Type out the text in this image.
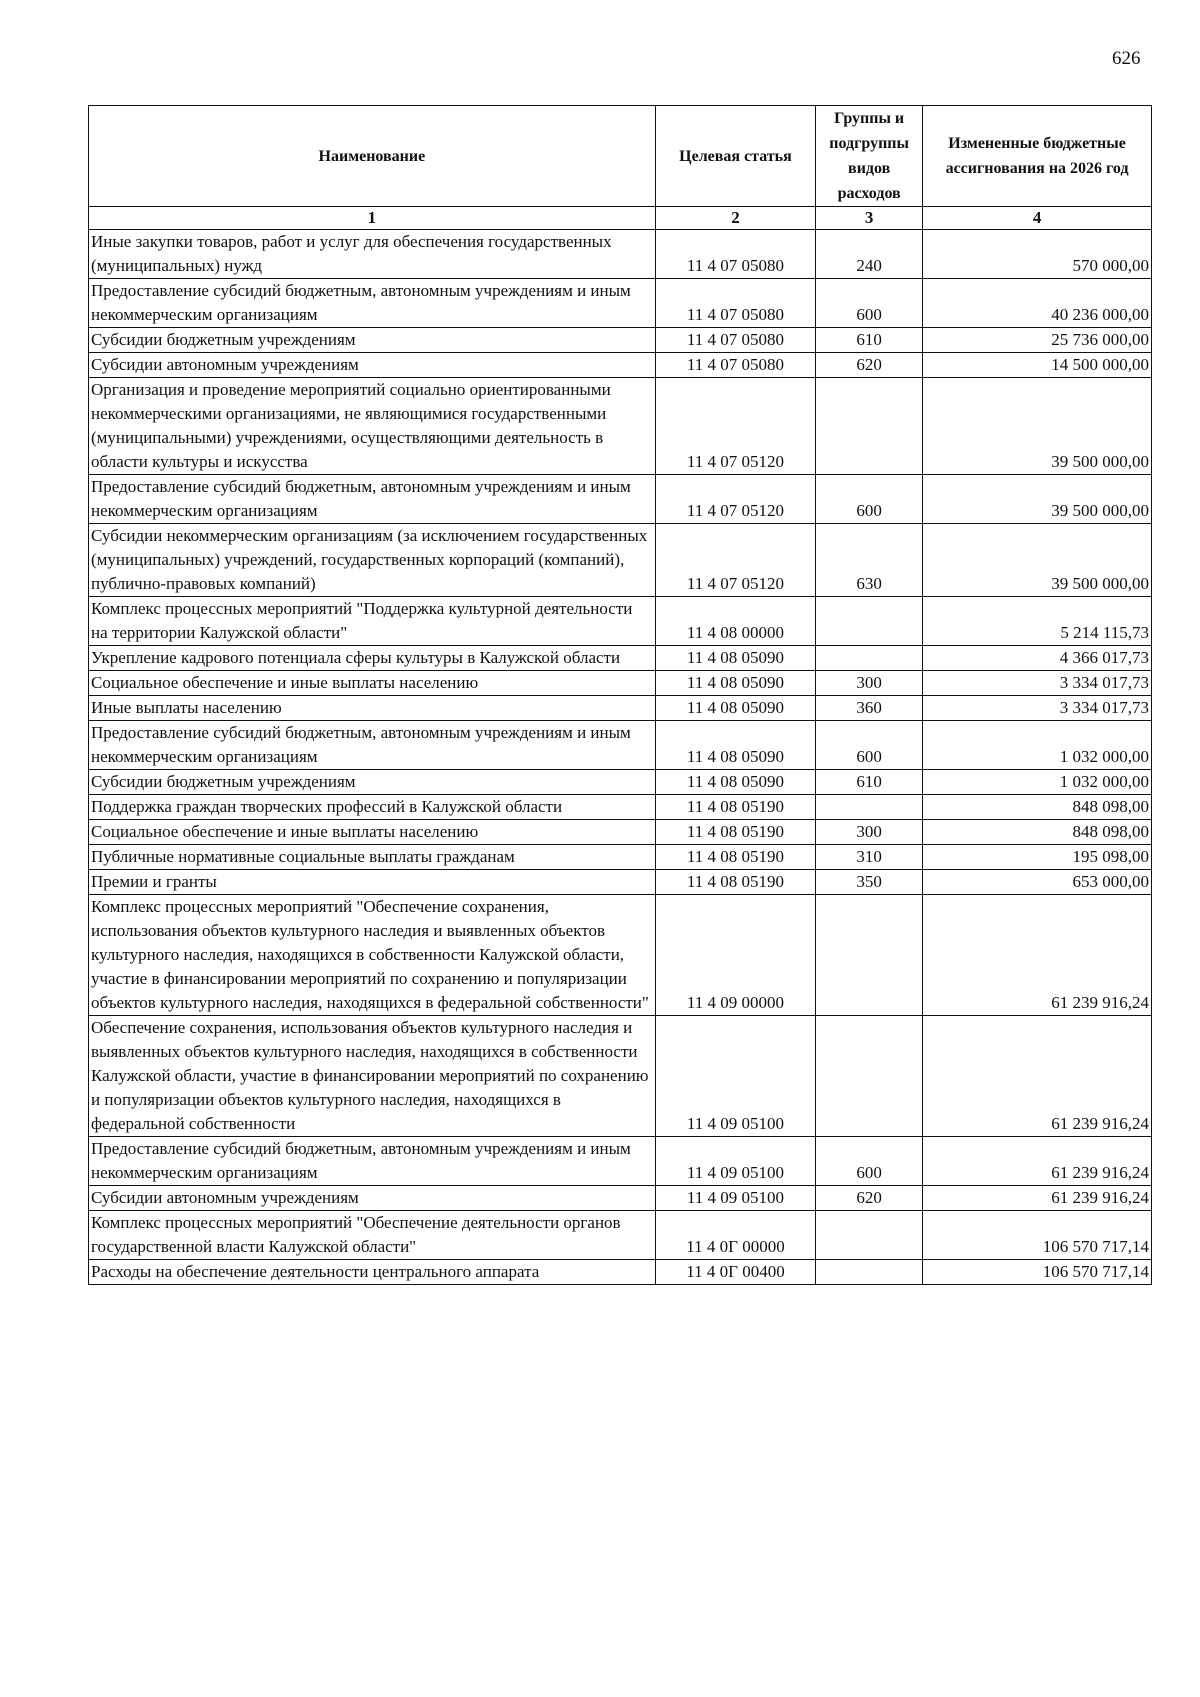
626
Наименование	Целевая статья	Группы и подгруппы видов расходов	Измененные бюджетные ассигнования на 2026 год
1	2	3	4
Иные закупки товаров, работ и услуг для обеспечения государственных (муниципальных) нужд	11 4 07 05080	240	570 000,00
Предоставление субсидий бюджетным, автономным учреждениям и иным некоммерческим организациям	11 4 07 05080	600	40 236 000,00
Субсидии бюджетным учреждениям	11 4 07 05080	610	25 736 000,00
Субсидии автономным учреждениям	11 4 07 05080	620	14 500 000,00
Организация и проведение мероприятий социально ориентированными некоммерческими организациями, не являющимися государственными (муниципальными) учреждениями, осуществляющими деятельность в области культуры и искусства	11 4 07 05120		39 500 000,00
Предоставление субсидий бюджетным, автономным учреждениям и иным некоммерческим организациям	11 4 07 05120	600	39 500 000,00
Субсидии некоммерческим организациям (за исключением государственных (муниципальных) учреждений, государственных корпораций (компаний), публично-правовых компаний)	11 4 07 05120	630	39 500 000,00
Комплекс процессных мероприятий "Поддержка культурной деятельности на территории Калужской области"	11 4 08 00000		5 214 115,73
Укрепление кадрового потенциала сферы культуры в Калужской области	11 4 08 05090		4 366 017,73
Социальное обеспечение и иные выплаты населению	11 4 08 05090	300	3 334 017,73
Иные выплаты населению	11 4 08 05090	360	3 334 017,73
Предоставление субсидий бюджетным, автономным учреждениям и иным некоммерческим организациям	11 4 08 05090	600	1 032 000,00
Субсидии бюджетным учреждениям	11 4 08 05090	610	1 032 000,00
Поддержка граждан творческих профессий в Калужской области	11 4 08 05190		848 098,00
Социальное обеспечение и иные выплаты населению	11 4 08 05190	300	848 098,00
Публичные нормативные социальные выплаты гражданам	11 4 08 05190	310	195 098,00
Премии и гранты	11 4 08 05190	350	653 000,00
Комплекс процессных мероприятий "Обеспечение сохранения, использования объектов культурного наследия и выявленных объектов культурного наследия, находящихся в собственности Калужской области, участие в финансировании мероприятий по сохранению и популяризации объектов культурного наследия, находящихся в федеральной собственности"	11 4 09 00000		61 239 916,24
Обеспечение сохранения, использования объектов культурного наследия и выявленных объектов культурного наследия, находящихся в собственности Калужской области, участие в финансировании мероприятий по сохранению и популяризации объектов культурного наследия, находящихся в федеральной собственности	11 4 09 05100		61 239 916,24
Предоставление субсидий бюджетным, автономным учреждениям и иным некоммерческим организациям	11 4 09 05100	600	61 239 916,24
Субсидии автономным учреждениям	11 4 09 05100	620	61 239 916,24
Комплекс процессных мероприятий "Обеспечение деятельности органов государственной власти Калужской области"	11 4 0Г 00000		106 570 717,14
Расходы на обеспечение деятельности центрального аппарата	11 4 0Г 00400		106 570 717,14
